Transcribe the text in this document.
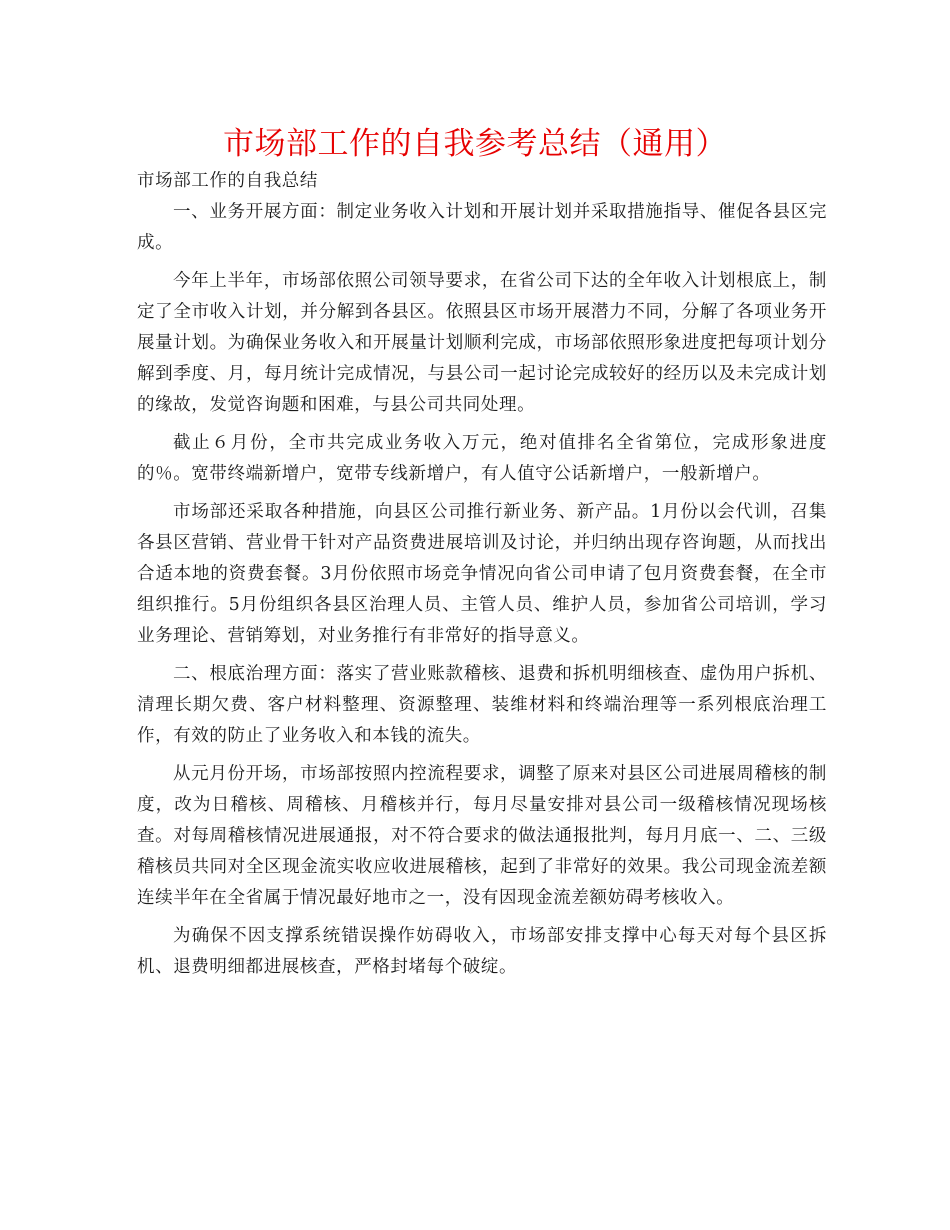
市场部工作的自我参考总结（通用）

市场部工作的自我总结

一、业务开展方面：制定业务收入计划和开展计划并采取措施指导、催促各县区完成。

今年上半年，市场部依照公司领导要求，在省公司下达的全年收入计划根底上，制定了全市收入计划，并分解到各县区。依照县区市场开展潜力不同，分解了各项业务开展量计划。为确保业务收入和开展量计划顺利完成，市场部依照形象进度把每项计划分解到季度、月，每月统计完成情况，与县公司一起讨论完成较好的经历以及未完成计划的缘故，发觉咨询题和困难，与县公司共同处理。

截止６月份，全市共完成业务收入万元，绝对值排名全省第位，完成形象进度的％。宽带终端新增户，宽带专线新增户，有人值守公话新增户，一般新增户。

市场部还采取各种措施，向县区公司推行新业务、新产品。1月份以会代训，召集各县区营销、营业骨干针对产品资费进展培训及讨论，并归纳出现存咨询题，从而找出合适本地的资费套餐。3月份依照市场竞争情况向省公司申请了包月资费套餐，在全市组织推行。5月份组织各县区治理人员、主管人员、维护人员，参加省公司培训，学习业务理论、营销筹划，对业务推行有非常好的指导意义。

二、根底治理方面：落实了营业账款稽核、退费和拆机明细核查、虚伪用户拆机、清理长期欠费、客户材料整理、资源整理、装维材料和终端治理等一系列根底治理工作，有效的防止了业务收入和本钱的流失。

从元月份开场，市场部按照内控流程要求，调整了原来对县区公司进展周稽核的制度，改为日稽核、周稽核、月稽核并行，每月尽量安排对县公司一级稽核情况现场核查。对每周稽核情况进展通报，对不符合要求的做法通报批判，每月月底一、二、三级稽核员共同对全区现金流实收应收进展稽核，起到了非常好的效果。我公司现金流差额连续半年在全省属于情况最好地市之一，没有因现金流差额妨碍考核收入。

为确保不因支撑系统错误操作妨碍收入，市场部安排支撑中心每天对每个县区拆机、退费明细都进展核查，严格封堵每个破绽。
